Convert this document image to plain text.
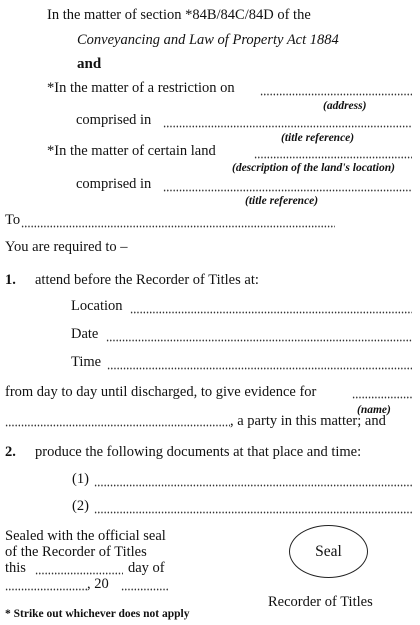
In the matter of section *84B/84C/84D of the
Conveyancing and Law of Property Act 1884
and
*In the matter of a restriction on
(address)
comprised in
(title reference)
*In the matter of certain land
(description of the land's location)
comprised in
(title reference)
To
You are required to –
1. attend before the Recorder of Titles at:
Location
Date
Time
from day to day until discharged, to give evidence for
(name)
, a party in this matter; and
2. produce the following documents at that place and time:
(1)
(2)
Sealed with the official seal
of the Recorder of Titles
this	day of
, 20
Seal
Recorder of Titles
* Strike out whichever does not apply
